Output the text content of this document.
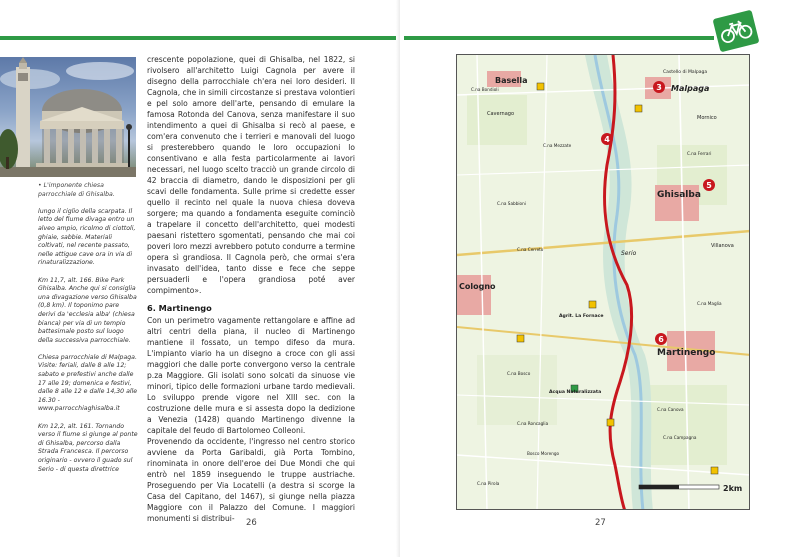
• L'imponente chiesa parrocchiale di Ghisalba.

lungo il ciglio della scarpata. Il letto del fiume divaga entro un alveo ampio, ricolmo di ciottoli, ghiaie, sabbie. Materiali coltivati, nel recente passato, nelle attigue cave ora in via di rinaturalizzazione.

Km 11,7, alt. 166. Bike Park Ghisalba. Anche qui si consiglia una divagazione verso Ghisalba (0,8 km). Il toponimo pare derivi da 'ecclesia alba' (chiesa bianca) per via di un tempio battesimale posto sul luogo della successiva parrocchiale.

Chiesa parrocchiale di Malpaga. Visite: feriali, dalle 8 alle 12; sabato e prefestivi anche dalle 17 alle 19; domenica e festivi, dalle 8 alle 12 e dalle 14,30 alle 16.30 - www.parrocchiaghisalba.it

Km 12,2, alt. 161. Tornando verso il fiume si giunge al ponte di Ghisalba, percorso dalla Strada Francesca. Il percorso originario - ovvero il guado sul Serio - di questa direttrice

crescente popolazione, quei di Ghisalba, nel 1822, si rivolsero all'architetto Luigi Cagnola per avere il disegno della parrocchiale ch'era nei loro desideri. Il Cagnola, che in simili circostanze si prestava volontieri e pel solo amore dell'arte, pensando di emulare la famosa Rotonda del Canova, senza manifestare il suo intendimento a quei di Ghisalba si recò al paese, e com'era convenuto che i terrieri e manovali del luogo si presterebbero quando le loro occupazioni lo consentivano e alla festa particolarmente ai lavori necessari, nel luogo scelto tracciò un grande circolo di 42 braccia di diametro, dando le disposizioni per gli scavi delle fondamenta. Sulle prime si credette esser quello il recinto nel quale la nuova chiesa doveva sorgere; ma quando a fondamenta eseguite cominciò a trapelare il concetto dell'architetto, quei modesti paesani ristettero sgomentati, pensando che mai coi poveri loro mezzi avrebbero potuto condurre a termine opera sì grandiosa. Il Cagnola però, che ormai s'era invasato dell'idea, tanto disse e fece che seppe persuaderli e l'opera grandiosa poté aver compimento».

6. Martinengo

Con un perimetro vagamente rettangolare e affine ad altri centri della piana, il nucleo di Martinengo mantiene il fossato, un tempo difeso da mura. L'impianto viario ha un disegno a croce con gli assi maggiori che dalle porte convergono verso la centrale p.za Maggiore. Gli isolati sono solcati da sinuose vie minori, tipico delle formazioni urbane tardo medievali. Lo sviluppo prende vigore nel XIII sec. con la costruzione delle mura e si assesta dopo la dedizione a Venezia (1428) quando Martinengo divenne la capitale del feudo di Bartolomeo Colleoni.

Provenendo da occidente, l'ingresso nel centro storico avviene da Porta Garibaldi, già Porta Tombino, rinominata in onore dell'eroe dei Due Mondi che qui entrò nel 1859 inseguendo le truppe austriache. Proseguendo per Via Locatelli (a destra si scorge la Casa del Capitano, del 1467), si giunge nella piazza Maggiore con il Palazzo del Comune. I maggiori monumenti si distribui-	26
3
4
5
6
Basella
Malpaga
Castello di Malpaga
Ghisalba
Cologno
Martinengo
Cavernago
Mornico
Serio
Villanova
C.na Bondioli
C.na Mezzate
C.na Sabbioni
C.na Ferrari
C.na Cerreto
C.na Bosco
C.na Canova
C.na Campagna
C.na Roncaglia
C.na Maglia
Bosco Morengo
Acqua Naturalizzata
Agrit. La Fornace
C.na Pirola
2km
27
